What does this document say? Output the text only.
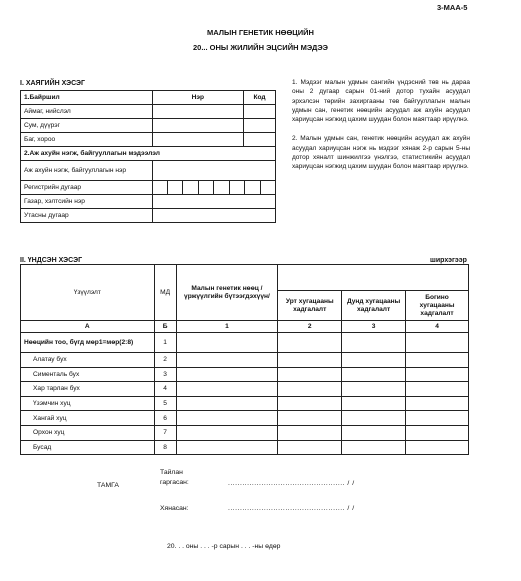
3-МАА-5
МАЛЫН ГЕНЕТИК НӨӨЦИЙН
20... ОНЫ ЖИЛИЙН ЭЦСИЙН МЭДЭЭ
I. ХАЯГИЙН ХЭСЭГ
1.Байршил	Нэр	Код
Аймаг, нийслэл		
Сум, дүүрэг		
Баг, хороо		
2.Аж ахуйн нэгж, байгууллагын мэдээлэл		
Аж ахуйн нэгж, байгууллагын нэр		
Регистрийн дугаар		

Газар, хэлтсийн нэр		
Утасны дугаар		

1. Мэдээг малын удмын сангийн үндэсний төв нь дараа оны 2 дугаар сарын 01-ний дотор тухайн асуудал эрхэлсэн төрийн захиргааны төв байгууллагын малын удмын сан, генетик нөөцийн асуудал аж ахуйн асуудал хариуцсан нэгжид цахим шуудан болон маягтаар ирүүлнэ.

2. Малын удмын сан, генетик нөөцийн асуудал аж ахуйн асуудал хариуцсан нэгж нь мэдээг хянаж 2-р сарын 5-ны дотор хяналт шинжилгээ үнэлгээ, статистикийн асуудал хариуцсан нэгжид цахим шуудан болон маягтаар ирүүлнэ.

II. ҮНДСЭН ХЭСЭГ	ширхэгээр
Үзүүлэлт	МД	Малын генетик нөөц /үржүүлгийн бүтээгдэхүүн/			
			Урт хугацааны хадгалалт	Дунд хугацааны хадгалалт	Богино хугацааны хадгалалт
А	Б	1	2	3	4
Нөөцийн тоо, бүгд мөр1=мөр(2:8)	1				
Алатау бух	2				
Сименталь бух	3				
Хар тарлан бух	4				
Үзэмчин хуц	5				
Хангай хуц	6				
Орхон хуц	7				
Бусад	8				
ТАМГА
Тайлан
гаргасан:	................................................. / /
Хянасан:	................................................. / /
20. . . оны . . . -р сарын . . . -ны өдөр
